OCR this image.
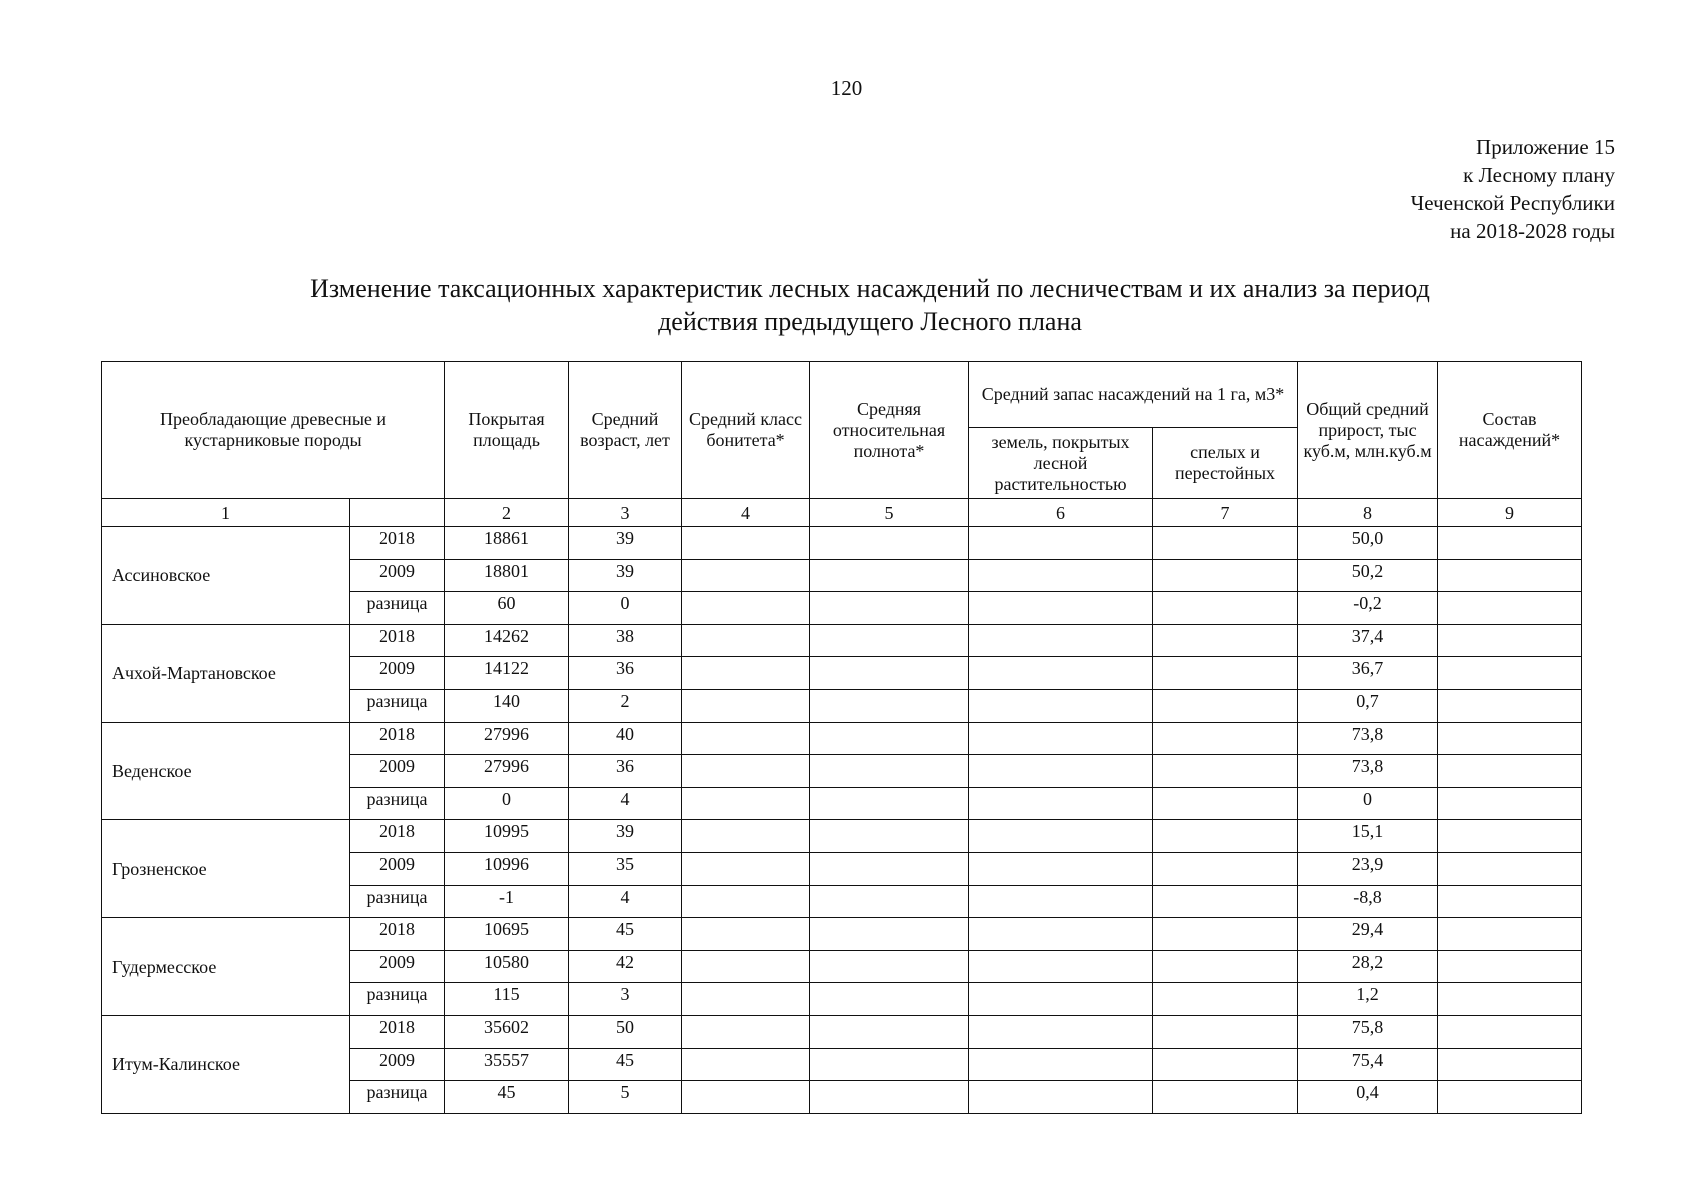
120
Приложение 15
к Лесному плану
Чеченской Республики
на 2018-2028 годы
Изменение таксационных характеристик лесных насаждений по лесничествам и их анализ за период
действия предыдущего Лесного плана
Преобладающие древесные и кустарниковые породы		Покрытая площадь	Средний возраст, лет	Средний класс бонитета*	Средняя относительная полнота*	Средний запас насаждений на 1 га, м3*		Общий средний прирост, тыс куб.м, млн.куб.м	Состав насаждений*
						земель, покрытых лесной растительностью	спелых и перестойных		
1		2	3	4	5	6	7	8	9
Ассиновское	2018	18861	39					50,0	
	2009	18801	39					50,2	
	разница	60	0					-0,2	
Ачхой-Мартановское	2018	14262	38					37,4	
	2009	14122	36					36,7	
	разница	140	2					0,7	
Веденское	2018	27996	40					73,8	
	2009	27996	36					73,8	
	разница	0	4					0	
Грозненское	2018	10995	39					15,1	
	2009	10996	35					23,9	
	разница	-1	4					-8,8	
Гудермесское	2018	10695	45					29,4	
	2009	10580	42					28,2	
	разница	115	3					1,2	
Итум-Калинское	2018	35602	50					75,8	
	2009	35557	45					75,4	
	разница	45	5					0,4	
